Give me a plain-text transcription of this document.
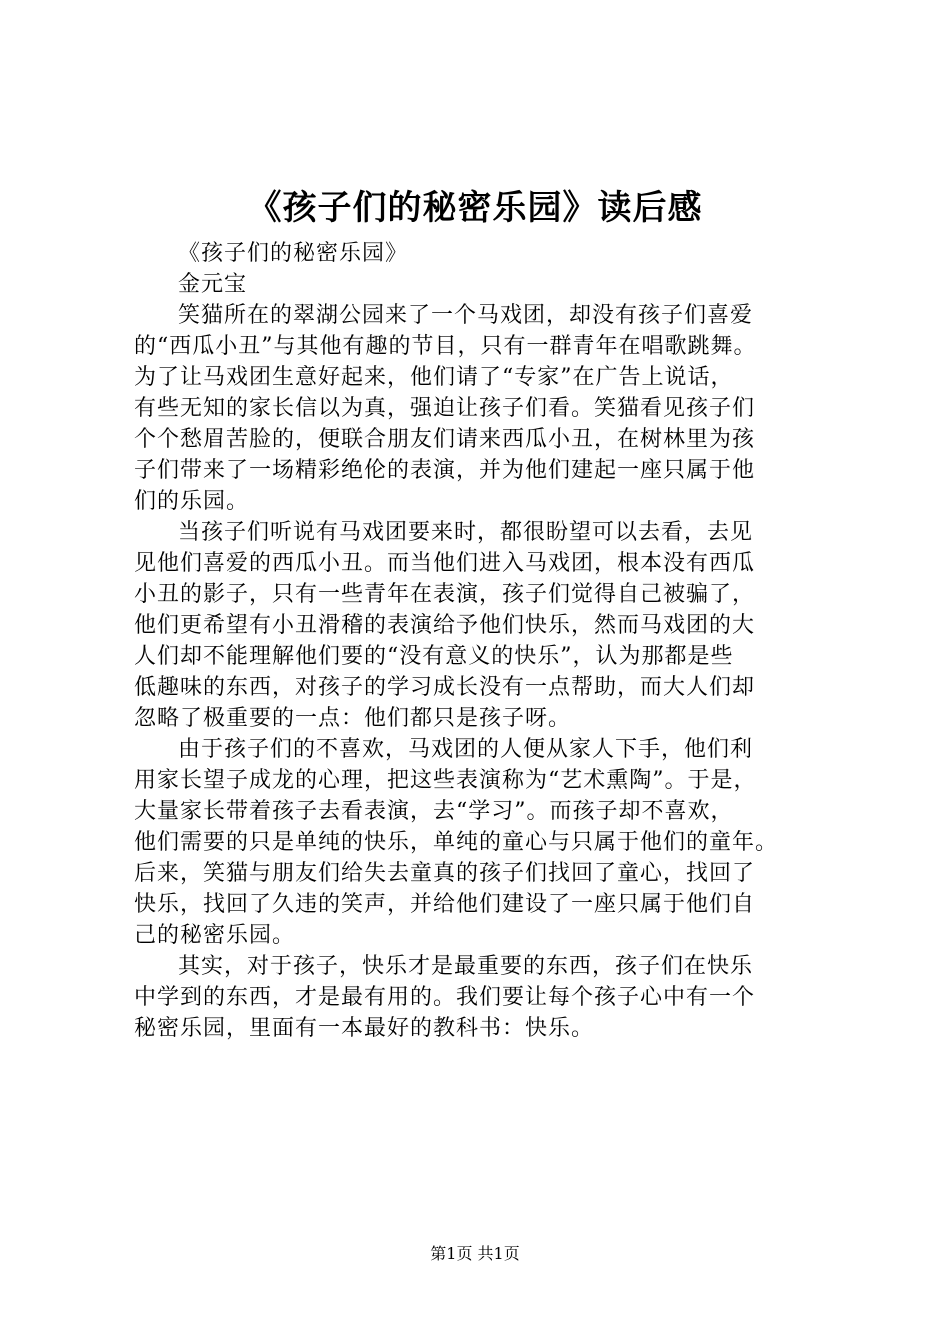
《孩子们的秘密乐园》读后感
《孩子们的秘密乐园》
金元宝
笑猫所在的翠湖公园来了一个马戏团，却没有孩子们喜爱
的“西瓜小丑”与其他有趣的节目，只有一群青年在唱歌跳舞。
为了让马戏团生意好起来，他们请了“专家”在广告上说话，
有些无知的家长信以为真，强迫让孩子们看。笑猫看见孩子们
个个愁眉苦脸的，便联合朋友们请来西瓜小丑，在树林里为孩
子们带来了一场精彩绝伦的表演，并为他们建起一座只属于他
们的乐园。
当孩子们听说有马戏团要来时，都很盼望可以去看，去见
见他们喜爱的西瓜小丑。而当他们进入马戏团，根本没有西瓜
小丑的影子，只有一些青年在表演，孩子们觉得自己被骗了，
他们更希望有小丑滑稽的表演给予他们快乐，然而马戏团的大
人们却不能理解他们要的“没有意义的快乐”，认为那都是些
低趣味的东西，对孩子的学习成长没有一点帮助，而大人们却
忽略了极重要的一点：他们都只是孩子呀。
由于孩子们的不喜欢，马戏团的人便从家人下手，他们利
用家长望子成龙的心理，把这些表演称为“艺术熏陶”。于是，
大量家长带着孩子去看表演，去“学习”。而孩子却不喜欢，
他们需要的只是单纯的快乐，单纯的童心与只属于他们的童年。
后来，笑猫与朋友们给失去童真的孩子们找回了童心，找回了
快乐，找回了久违的笑声，并给他们建设了一座只属于他们自
己的秘密乐园。
其实，对于孩子，快乐才是最重要的东西，孩子们在快乐
中学到的东西，才是最有用的。我们要让每个孩子心中有一个
秘密乐园，里面有一本最好的教科书：快乐。
第1页 共1页
